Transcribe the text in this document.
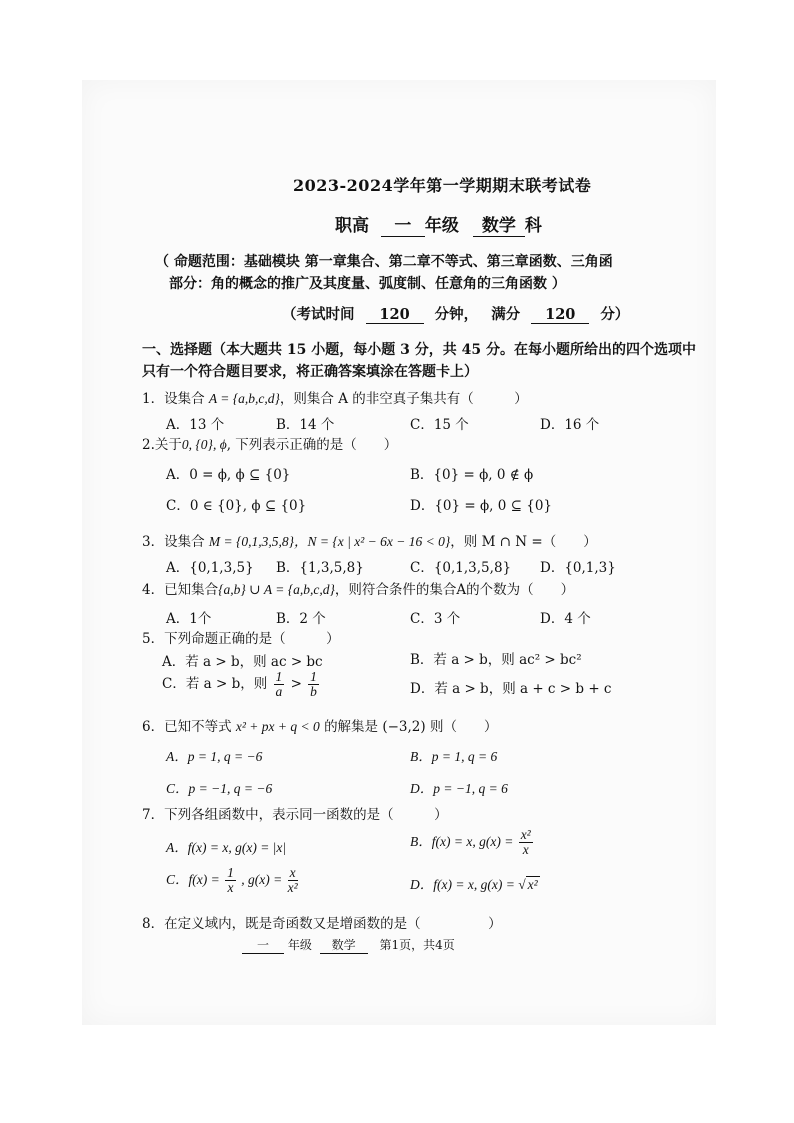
2023-2024学年第一学期期末联考试卷
职高 一 年级 数学 科
（ 命题范围：基础模块 第一章集合、第二章不等式、第三章函数、三角函
部分：角的概念的推广及其度量、弧度制、任意角的三角函数 ）
（考试时间 120 分钟， 满分 120 分）
一、选择题（本大题共 15 小题，每小题 3 分，共 45 分。在每小题所给出的四个选项中
只有一个符合题目要求，将正确答案填涂在答题卡上）
1．设集合 A = {a,b,c,d}，则集合 A 的非空真子集共有（　　　）
A．13 个	B．14 个	C．15 个	D．16 个
2.关于0, {0}, ϕ, 下列表示正确的是（　　）
A．0 = ϕ, ϕ ⊆ {0}	B．{0} = ϕ, 0 ∉ ϕ
C．0 ∈ {0}, ϕ ⊆ {0}	D．{0} = ϕ, 0 ⊆ {0}
3．设集合 M = {0,1,3,5,8}，N = {x | x² − 6x − 16 < 0}，则 M ∩ N =（　　）
A．{0,1,3,5} B．{1,3,5,8}	C．{0,1,3,5,8} D．{0,1,3}
4．已知集合{a,b} ∪ A = {a,b,c,d}，则符合条件的集合A的个数为（　　）
A．1个	B．2 个	C．3 个	D．4 个
5．下列命题正确的是（　　　）
A．若 a > b，则 ac > bc	B．若 a > b，则 ac² > bc²
C．若 a > b，则 $\frac{1}{a} > \frac{1}{b}$	D．若 a > b，则 a + c > b + c
6．已知不等式 x² + px + q < 0 的解集是 (−3,2) 则（　　）
A．p = 1, q = −6	B．p = 1, q = 6
C．p = −1, q = −6	D．p = −1, q = 6
7．下列各组函数中，表示同一函数的是（　　　）
A．f(x) = x, g(x) = |x|	B．f(x) = x, $g(x) = \frac{\text{x²}}{x}$
C．$f(x) = \frac{1}{x}$ , $g(x) = \frac{x}{\text{x²}}$	D．f(x) = x, g(x) = √ x²
8．在定义域内，既是奇函数又是增函数的是（　　　　　）
一 年级 数学 第1页，共4页
